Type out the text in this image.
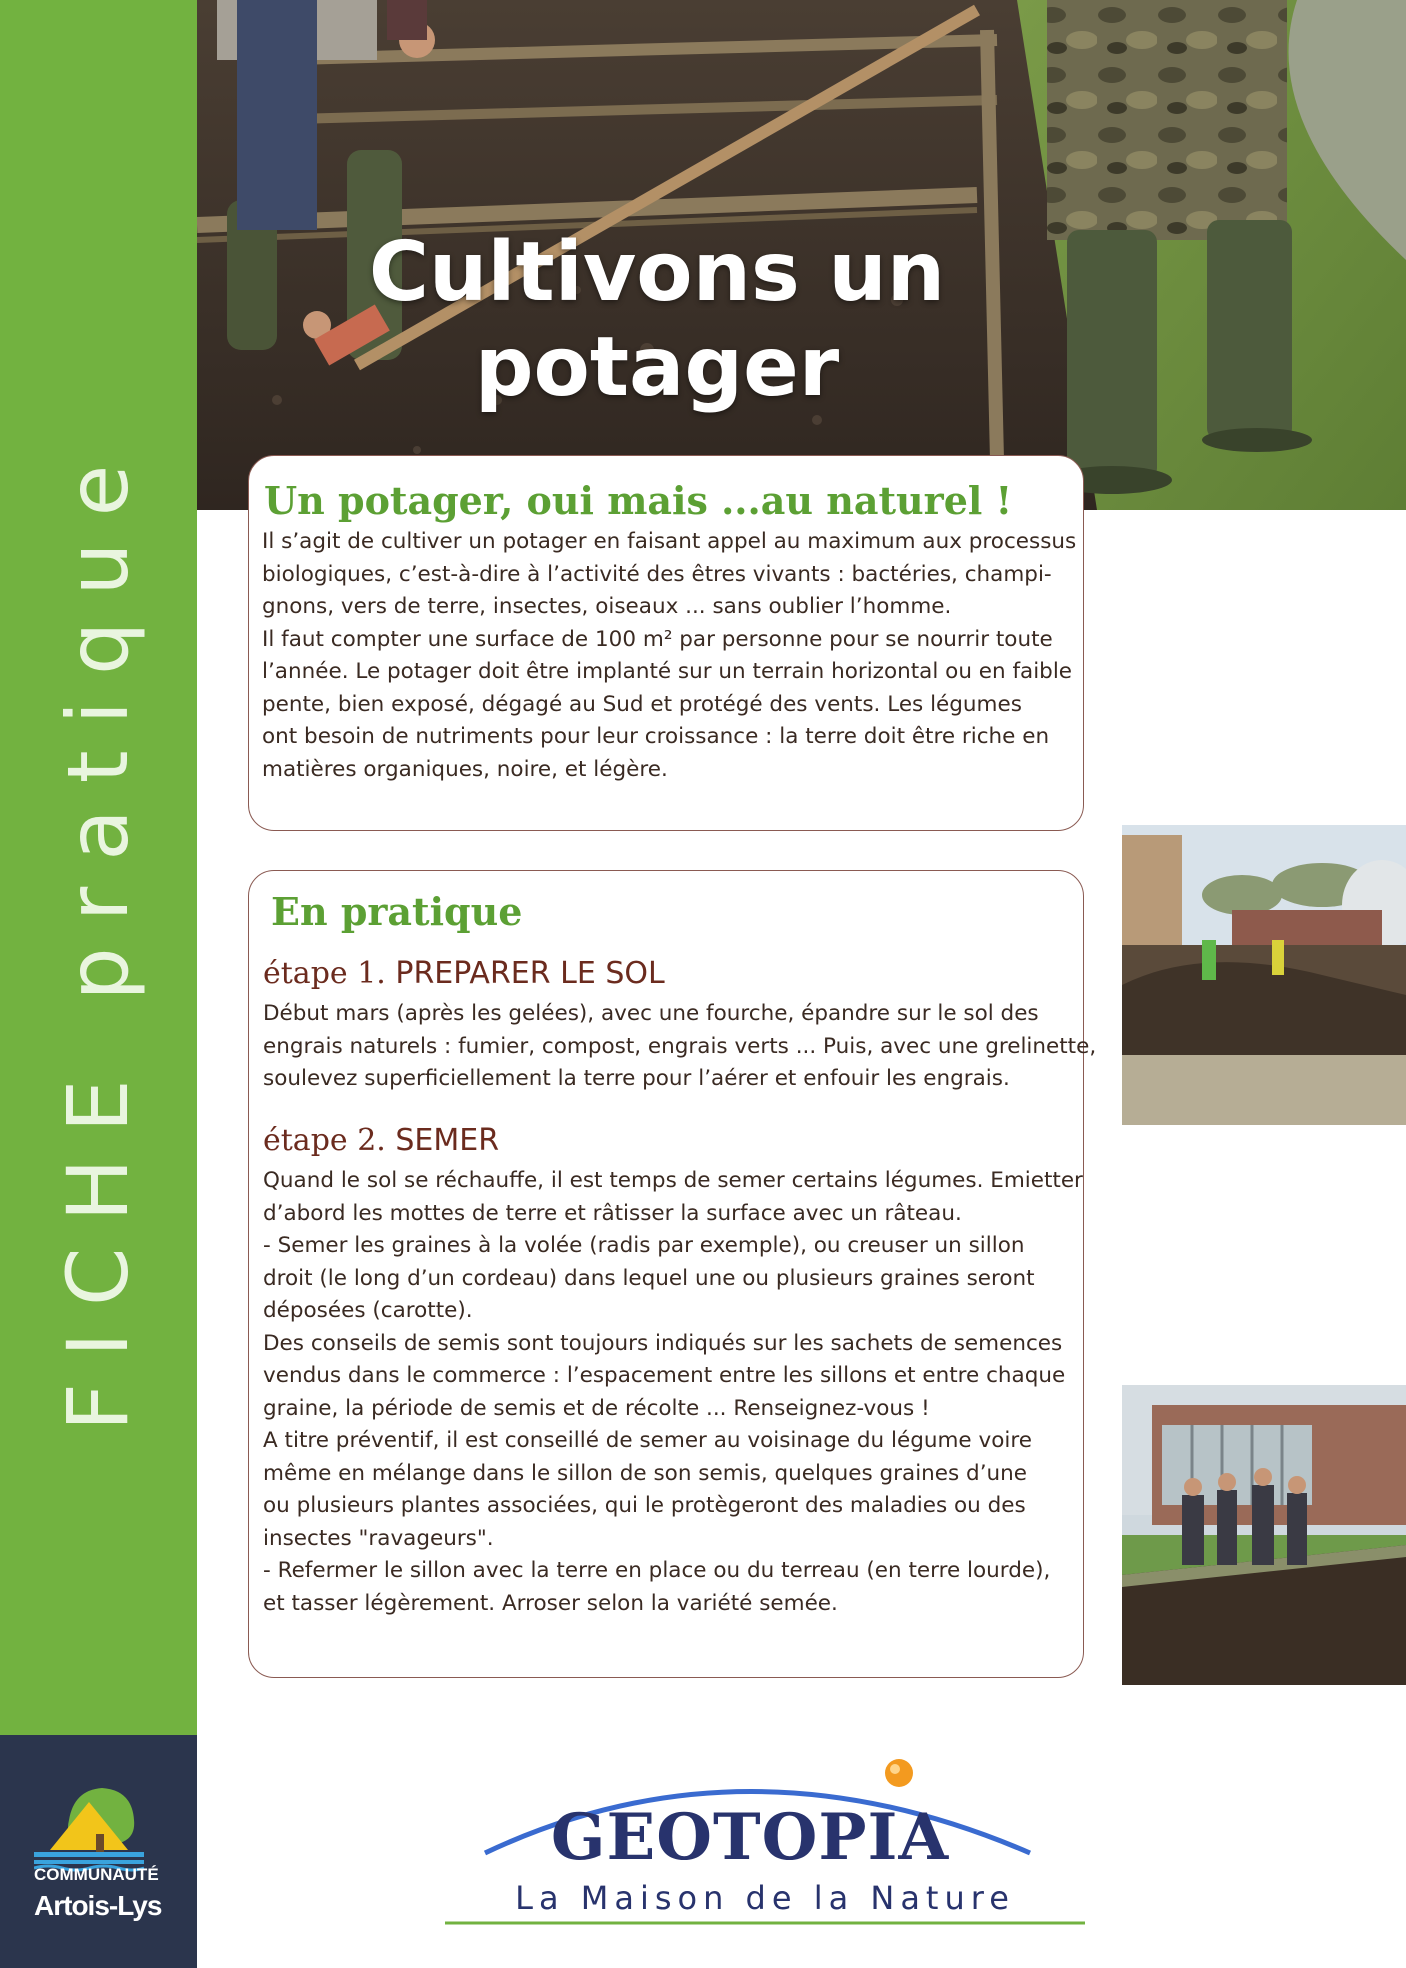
FICHE pratique
COMMUNAUTÉ
Artois-Lys
Cultivons un
potager
Un potager, oui mais ...au naturel !
Il s’agit de cultiver un potager en faisant appel au maximum aux processus
biologiques, c’est-à-dire à l’activité des êtres vivants : bactéries, champi-
gnons, vers de terre, insectes, oiseaux ... sans oublier l’homme.
Il faut compter une surface de 100 m² par personne pour se nourrir toute
l’année. Le potager doit être implanté sur un terrain horizontal ou en faible
pente, bien exposé, dégagé au Sud et protégé des vents. Les légumes
ont besoin de nutriments pour leur croissance : la terre doit être riche en
matières organiques, noire, et légère.
En pratique
étape 1. PREPARER LE SOL
Début mars (après les gelées), avec une fourche, épandre sur le sol des
engrais naturels : fumier, compost, engrais verts ... Puis, avec une grelinette,
soulevez superficiellement la terre pour l’aérer et enfouir les engrais.
étape 2. SEMER
Quand le sol se réchauffe, il est temps de semer certains légumes. Emietter
d’abord les mottes de terre et râtisser la surface avec un râteau.
- Semer les graines à la volée (radis par exemple), ou creuser un sillon
droit (le long d’un cordeau) dans lequel une ou plusieurs graines seront
déposées (carotte).
Des conseils de semis sont toujours indiqués sur les sachets de semences
vendus dans le commerce : l’espacement entre les sillons et entre chaque
graine, la période de semis et de récolte ... Renseignez-vous !
A titre préventif, il est conseillé de semer au voisinage du légume voire
même en mélange dans le sillon de son semis, quelques graines d’une
ou plusieurs plantes associées, qui le protègeront des maladies ou des
insectes "ravageurs".
- Refermer le sillon avec la terre en place ou du terreau (en terre lourde),
et tasser légèrement. Arroser selon la variété semée.
GEOTOPIA
La Maison de la Nature
